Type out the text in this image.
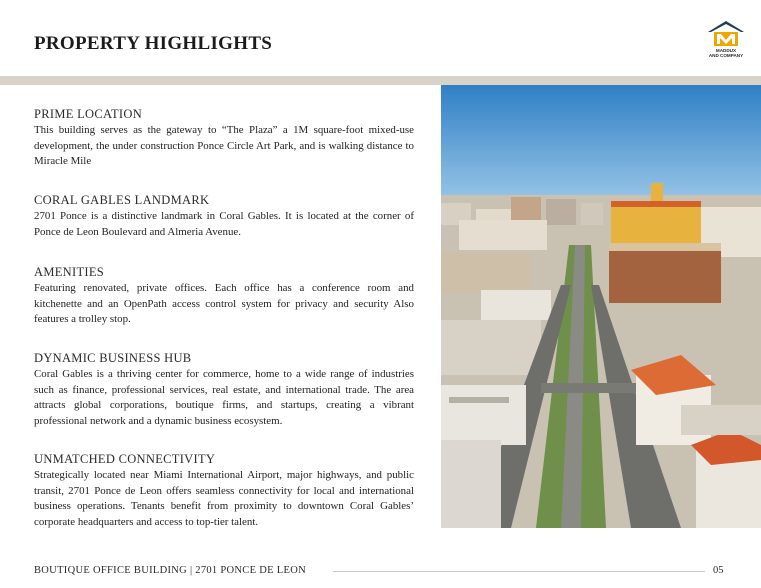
PROPERTY HIGHLIGHTS	MADDUX
AND COMPANY
PRIME LOCATION

This building serves as the gateway to “The Plaza” a 1M square-foot mixed-use development, the under construction Ponce Circle Art Park, and is walking distance to Miracle Mile

CORAL GABLES LANDMARK

2701 Ponce is a distinctive landmark in Coral Gables. It is located at the corner of Ponce de Leon Boulevard and Almeria Avenue.

AMENITIES

Featuring renovated, private offices. Each office has a conference room and kitchenette and an OpenPath access control system for privacy and security Also features a trolley stop.

DYNAMIC BUSINESS HUB

Coral Gables is a thriving center for commerce, home to a wide range of industries such as finance, professional services, real estate, and international trade. The area attracts global corporations, boutique firms, and startups, creating a vibrant professional network and a dynamic business ecosystem.

UNMATCHED CONNECTIVITY

Strategically located near Miami International Airport, major highways, and public transit, 2701 Ponce de Leon offers seamless connectivity for local and international business operations. Tenants benefit from proximity to downtown Coral Gables’ corporate headquarters and access to top-tier talent.

BOUTIQUE OFFICE BUILDING | 2701 PONCE DE LEON	05
